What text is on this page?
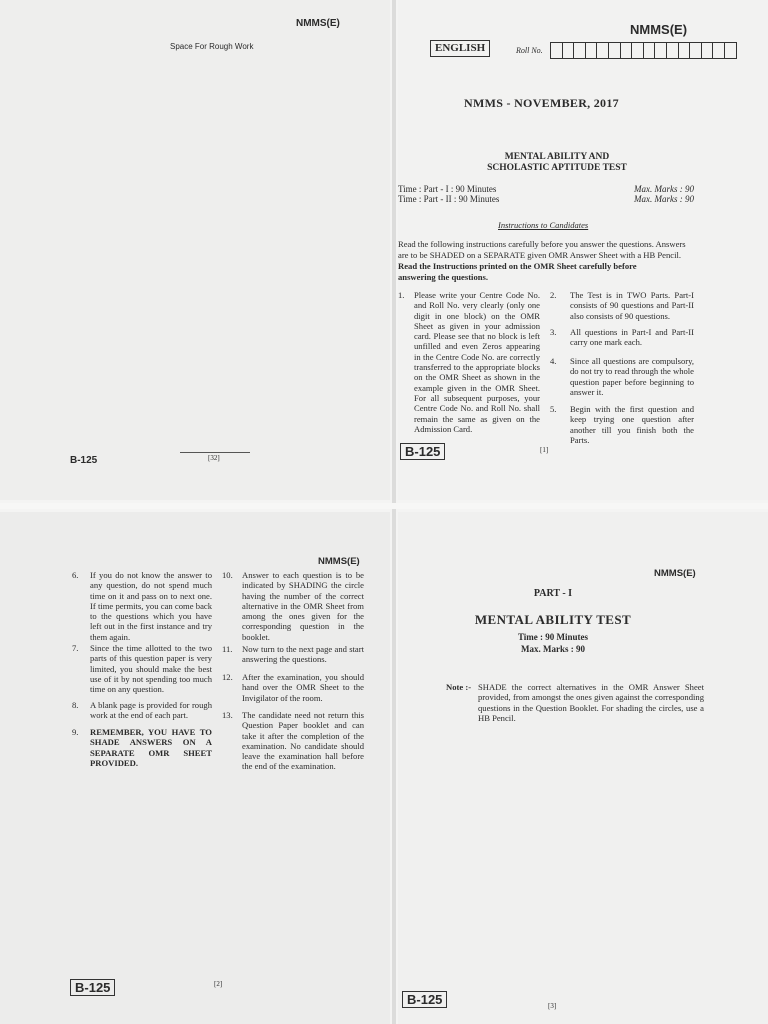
NMMS(E)
Space For Rough Work
B-125	[32]
NMMS(E)
ENGLISH	Roll No.
NMMS - NOVEMBER, 2017
MENTAL ABILITY AND
SCHOLASTIC APTITUDE TEST
Time : Part - I : 90 Minutes
Time : Part - II : 90 Minutes
Max. Marks : 90
Max. Marks : 90
Instructions to Candidates
Read the following instructions carefully before you answer the questions. Answers
are to be SHADED on a SEPARATE given OMR Answer Sheet with a HB Pencil.
Read the Instructions printed on the OMR Sheet carefully before
answering the questions.
1. Please write your Centre Code No. and Roll No. very clearly (only one digit in one block) on the OMR Sheet as given in your admission card. Please see that no block is left unfilled and even Zeros appearing in the Centre Code No. are correctly transferred to the appropriate blocks on the OMR Sheet as shown in the example given in the OMR Sheet. For all subsequent purposes, your Centre Code No. and Roll No. shall remain the same as given on the Admission Card.
2. The Test is in TWO Parts. Part-I consists of 90 questions and Part-II also consists of 90 questions.
3. All questions in Part-I and Part-II carry one mark each.
4. Since all questions are compulsory, do not try to read through the whole question paper before beginning to answer it.
5. Begin with the first question and keep trying one question after another till you finish both the Parts.
B-125	[1]
NMMS(E)
6. If you do not know the answer to any question, do not spend much time on it and pass on to next one. If time permits, you can come back to the questions which you have left out in the first instance and try them again.
7. Since the time allotted to the two parts of this question paper is very limited, you should make the best use of it by not spending too much time on any question.
8. A blank page is provided for rough work at the end of each part.
9. REMEMBER, YOU HAVE TO SHADE ANSWERS ON A SEPARATE OMR SHEET PROVIDED.
10. Answer to each question is to be indicated by SHADING the circle having the number of the correct alternative in the OMR Sheet from among the ones given for the corresponding question in the booklet.
11. Now turn to the next page and start answering the questions.
12. After the examination, you should hand over the OMR Sheet to the Invigilator of the room.
13. The candidate need not return this Question Paper booklet and can take it after the completion of the examination. No candidate should leave the examination hall before the end of the examination.
B-125	[2]
NMMS(E)
PART - I
MENTAL ABILITY TEST
Time : 90 Minutes
Max. Marks : 90
Note :- SHADE the correct alternatives in the OMR Answer Sheet provided, from amongst the ones given against the corresponding questions in the Question Booklet. For shading the circles, use a HB Pencil.
B-125	[3]
